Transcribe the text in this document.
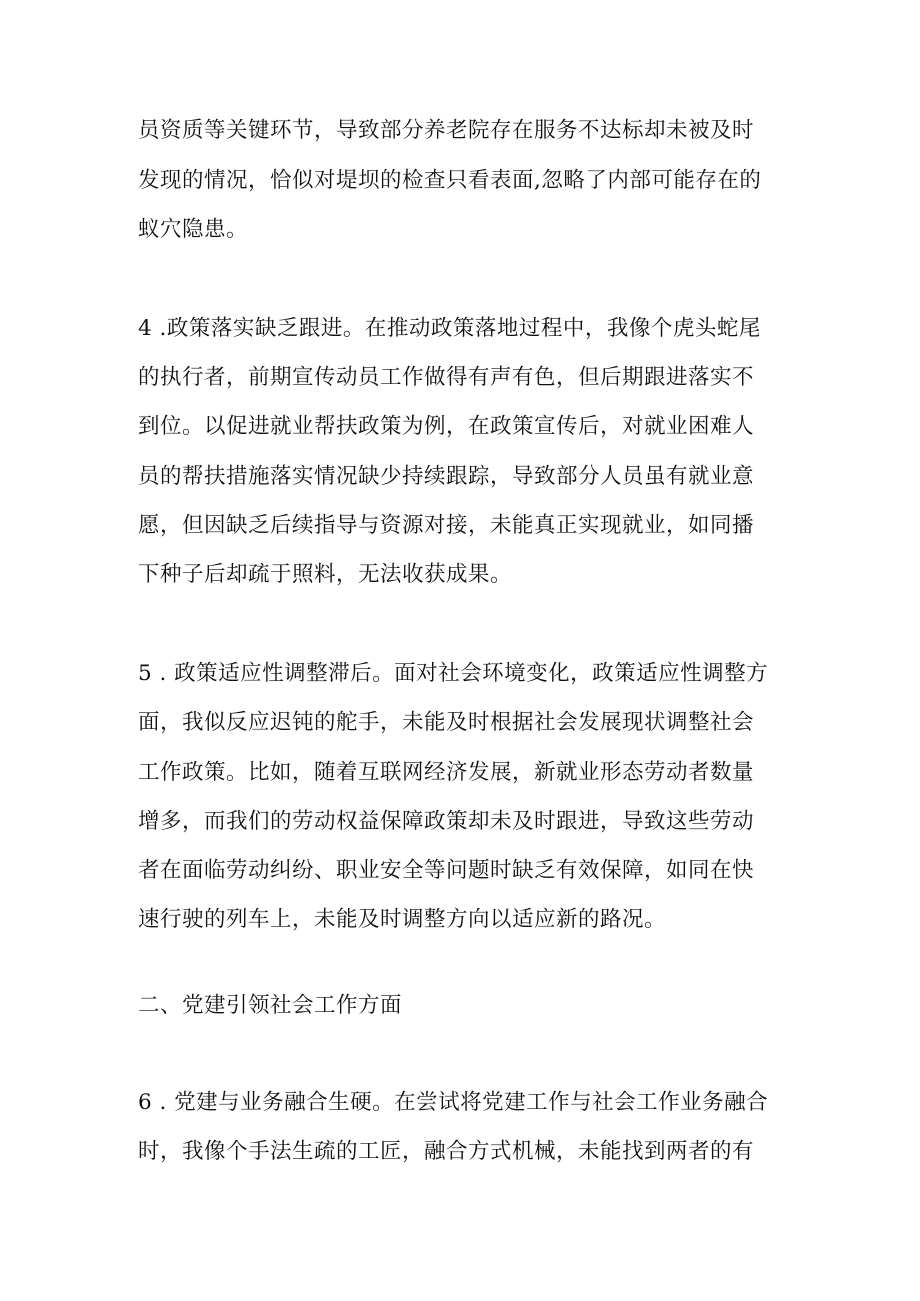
员资质等关键环节，导致部分养老院存在服务不达标却未被及时
发现的情况，恰似对堤坝的检查只看表面,忽略了内部可能存在的
蚁穴隐患。
4 .政策落实缺乏跟进。在推动政策落地过程中，我像个虎头蛇尾
的执行者，前期宣传动员工作做得有声有色，但后期跟进落实不
到位。以促进就业帮扶政策为例，在政策宣传后，对就业困难人
员的帮扶措施落实情况缺少持续跟踪，导致部分人员虽有就业意
愿，但因缺乏后续指导与资源对接，未能真正实现就业，如同播
下种子后却疏于照料，无法收获成果。
5 . 政策适应性调整滞后。面对社会环境变化，政策适应性调整方
面，我似反应迟钝的舵手，未能及时根据社会发展现状调整社会
工作政策。比如，随着互联网经济发展，新就业形态劳动者数量
增多，而我们的劳动权益保障政策却未及时跟进，导致这些劳动
者在面临劳动纠纷、职业安全等问题时缺乏有效保障，如同在快
速行驶的列车上，未能及时调整方向以适应新的路况。
二、党建引领社会工作方面
6 . 党建与业务融合生硬。在尝试将党建工作与社会工作业务融合
时，我像个手法生疏的工匠，融合方式机械，未能找到两者的有
